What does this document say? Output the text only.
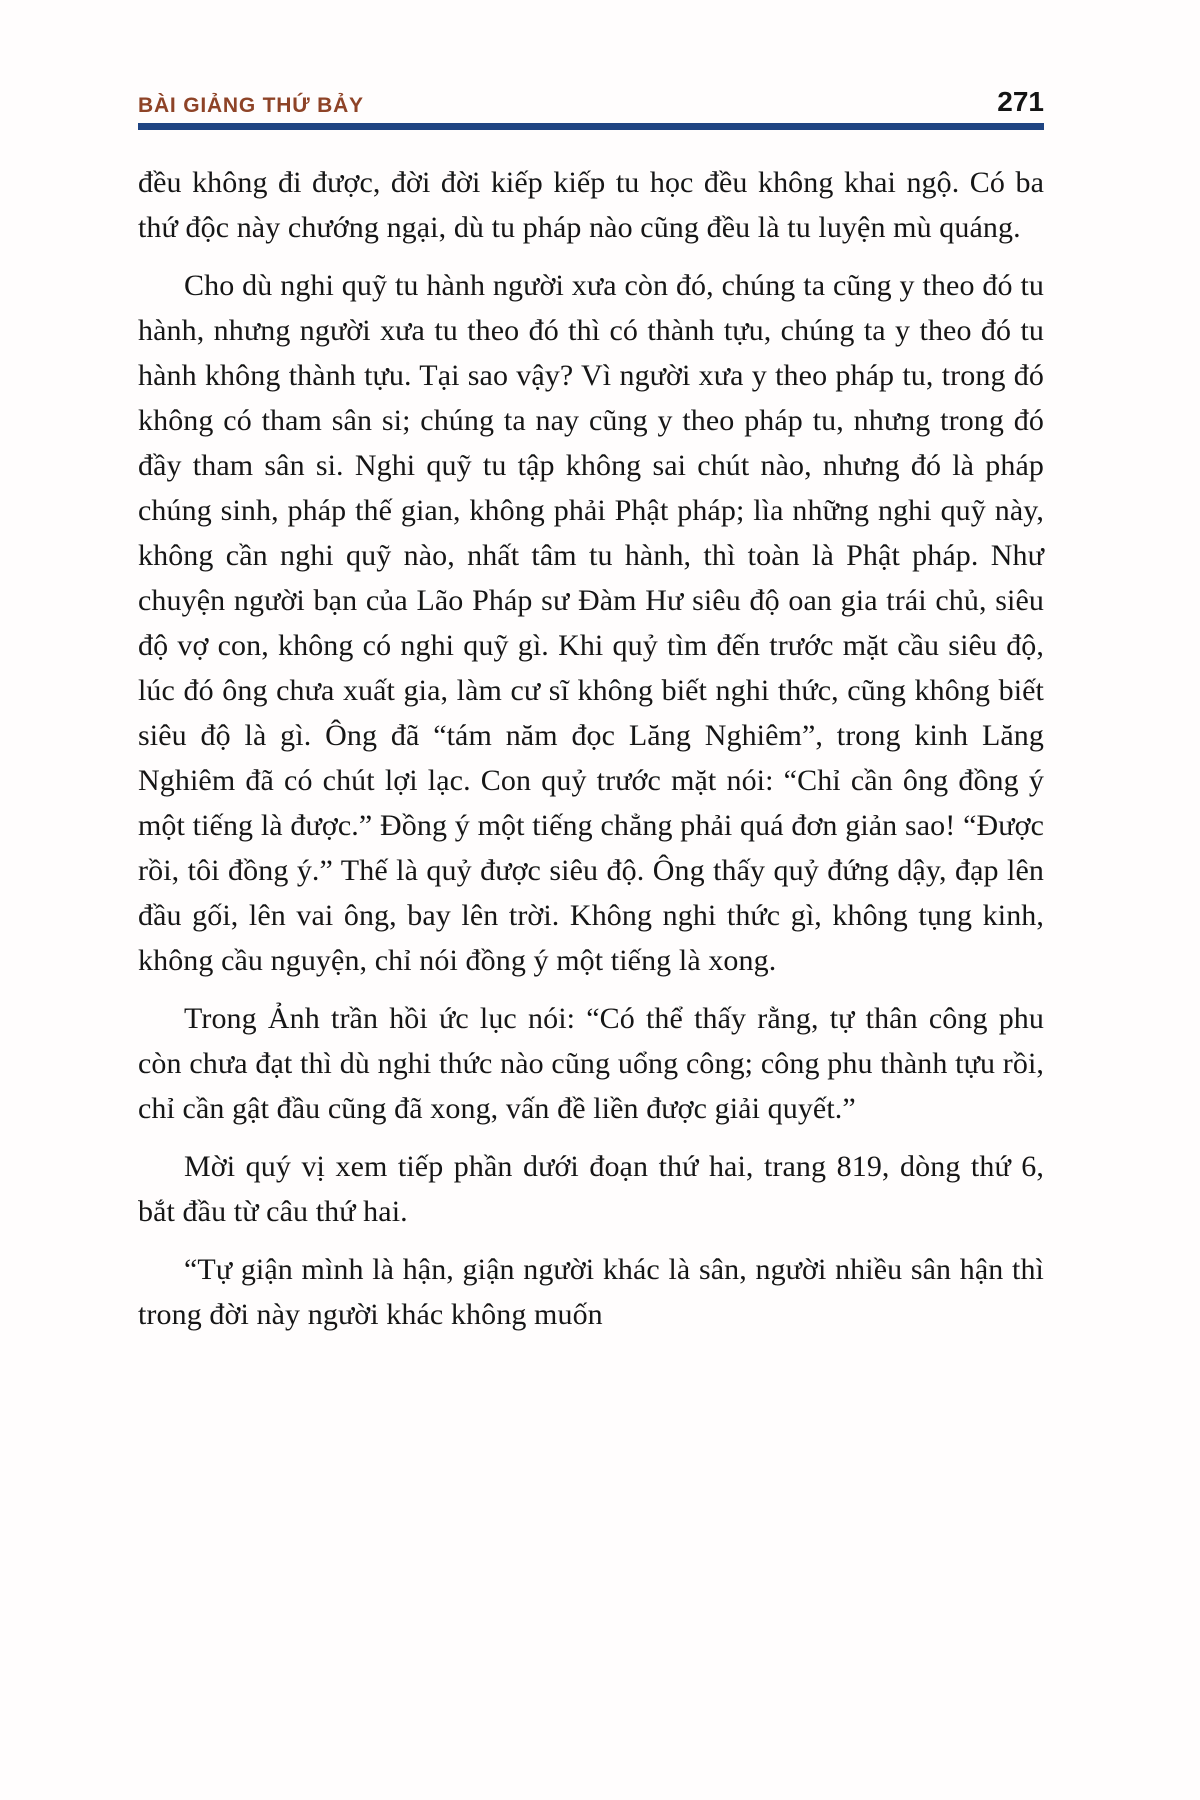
BÀI GIẢNG THỨ BẢY	271

đều không đi được, đời đời kiếp kiếp tu học đều không khai ngộ. Có ba thứ độc này chướng ngại, dù tu pháp nào cũng đều là tu luyện mù quáng.

Cho dù nghi quỹ tu hành người xưa còn đó, chúng ta cũng y theo đó tu hành, nhưng người xưa tu theo đó thì có thành tựu, chúng ta y theo đó tu hành không thành tựu. Tại sao vậy? Vì người xưa y theo pháp tu, trong đó không có tham sân si; chúng ta nay cũng y theo pháp tu, nhưng trong đó đầy tham sân si. Nghi quỹ tu tập không sai chút nào, nhưng đó là pháp chúng sinh, pháp thế gian, không phải Phật pháp; lìa những nghi quỹ này, không cần nghi quỹ nào, nhất tâm tu hành, thì toàn là Phật pháp. Như chuyện người bạn của Lão Pháp sư Đàm Hư siêu độ oan gia trái chủ, siêu độ vợ con, không có nghi quỹ gì. Khi quỷ tìm đến trước mặt cầu siêu độ, lúc đó ông chưa xuất gia, làm cư sĩ không biết nghi thức, cũng không biết siêu độ là gì. Ông đã “tám năm đọc Lăng Nghiêm”, trong kinh Lăng Nghiêm đã có chút lợi lạc. Con quỷ trước mặt nói: “Chỉ cần ông đồng ý một tiếng là được.” Đồng ý một tiếng chẳng phải quá đơn giản sao! “Được rồi, tôi đồng ý.” Thế là quỷ được siêu độ. Ông thấy quỷ đứng dậy, đạp lên đầu gối, lên vai ông, bay lên trời. Không nghi thức gì, không tụng kinh, không cầu nguyện, chỉ nói đồng ý một tiếng là xong.

Trong Ảnh trần hồi ức lục nói: “Có thể thấy rằng, tự thân công phu còn chưa đạt thì dù nghi thức nào cũng uổng công; công phu thành tựu rồi, chỉ cần gật đầu cũng đã xong, vấn đề liền được giải quyết.”

Mời quý vị xem tiếp phần dưới đoạn thứ hai, trang 819, dòng thứ 6, bắt đầu từ câu thứ hai.

“Tự giận mình là hận, giận người khác là sân, người nhiều sân hận thì trong đời này người khác không muốn
